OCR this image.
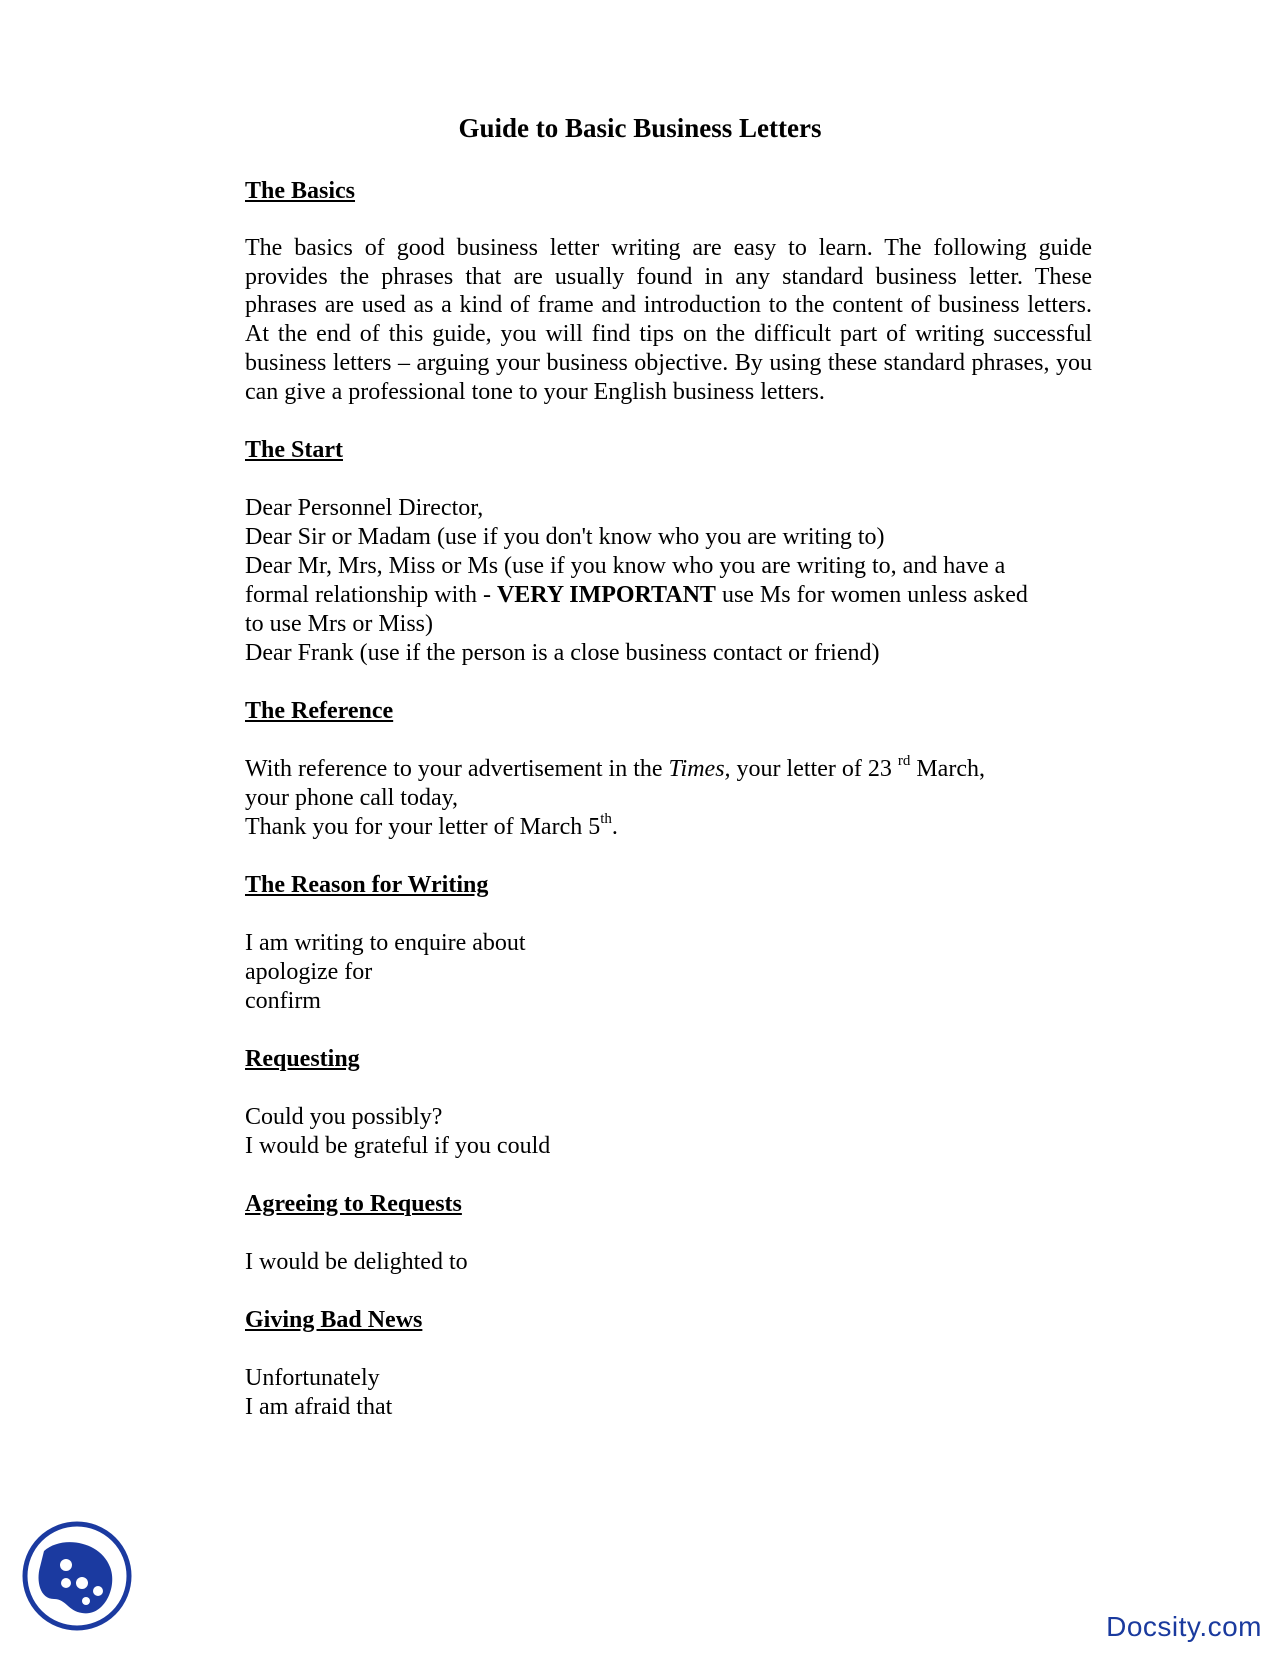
Guide to Basic Business Letters
The Basics

The basics of good business letter writing are easy to learn. The following guide provides the phrases that are usually found in any standard business letter. These phrases are used as a kind of frame and introduction to the content of business letters. At the end of this guide, you will find tips on the difficult part of writing successful business letters – arguing your business objective. By using these standard phrases, you can give a professional tone to your English business letters.

The Start

Dear Personnel Director,

Dear Sir or Madam (use if you don't know who you are writing to)

Dear Mr, Mrs, Miss or Ms (use if you know who you are writing to, and have a

formal relationship with - VERY IMPORTANT use Ms for women unless asked

to use Mrs or Miss)

Dear Frank (use if the person is a close business contact or friend)

The Reference

With reference to your advertisement in the Times, your letter of 23 $^{rd}$ March,

your phone call today,

Thank you for your letter of March 5th.

The Reason for Writing

I am writing to enquire about

apologize for

confirm

Requesting

Could you possibly?

I would be grateful if you could

Agreeing to Requests

I would be delighted to

Giving Bad News

Unfortunately

I am afraid that

Docsity.com
